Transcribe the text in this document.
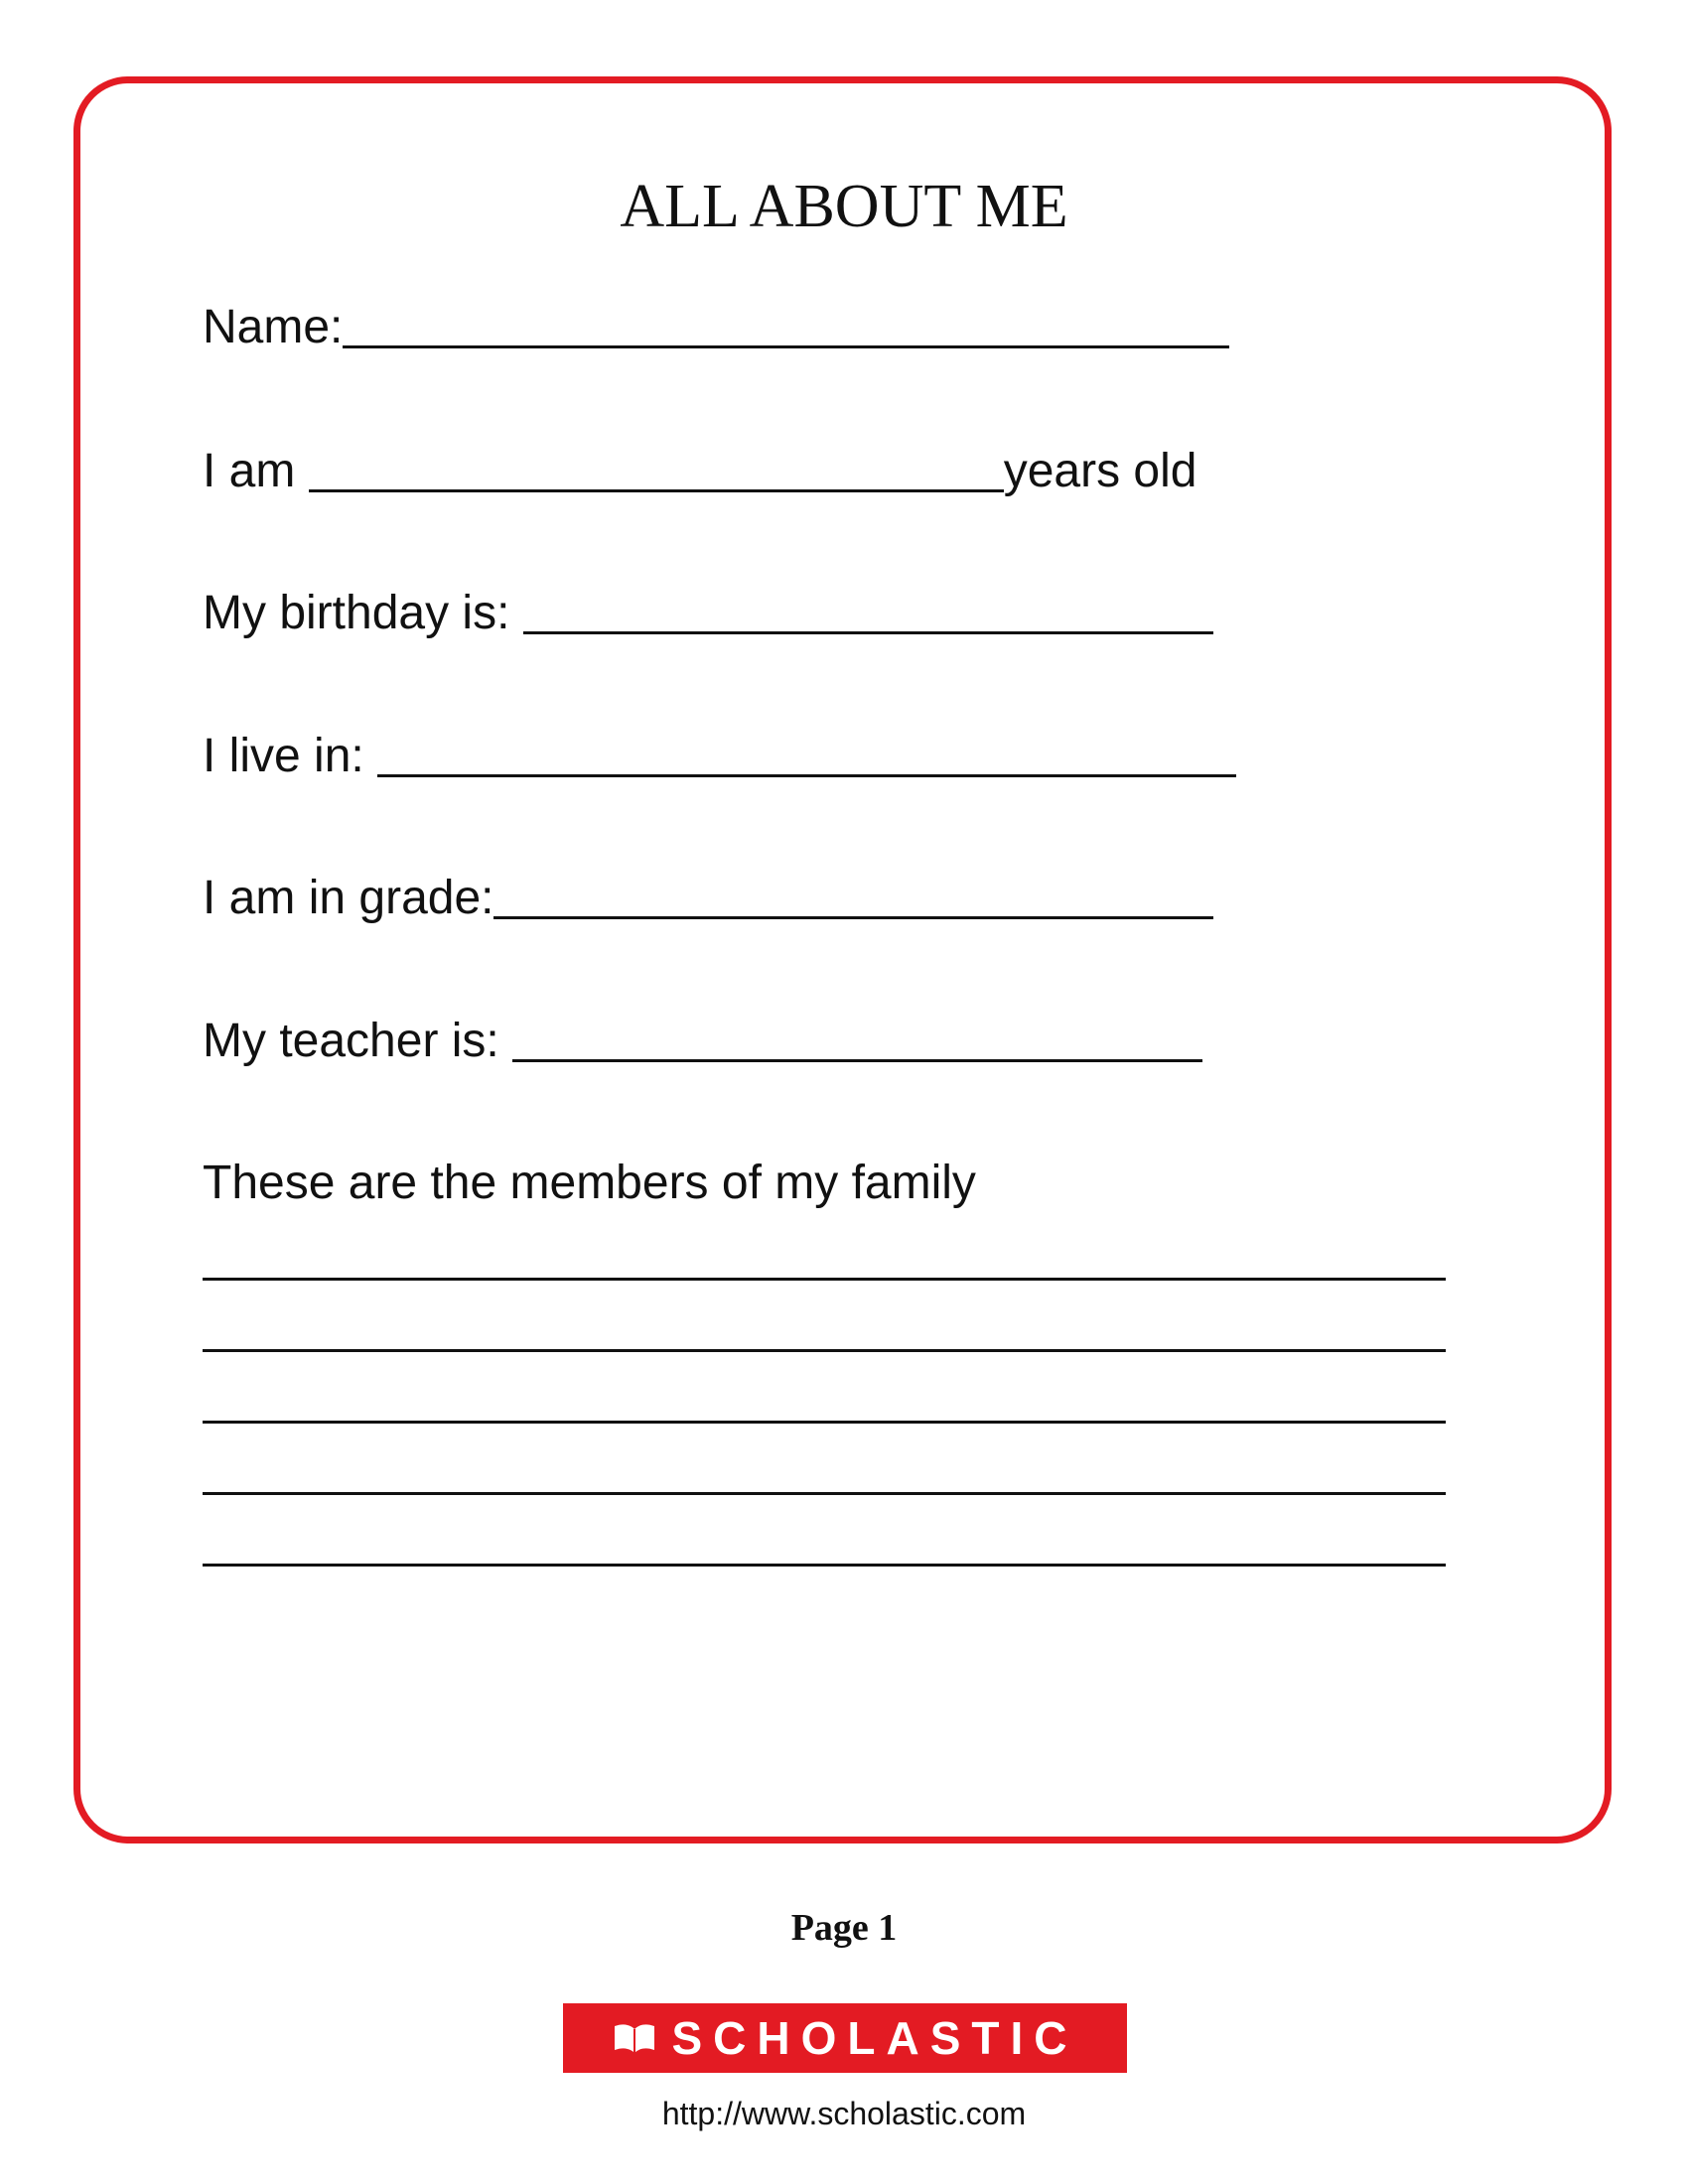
ALL ABOUT ME
Name:
I am	years old
My birthday is:
I live in:
I am in grade:
My teacher is:
These are the members of my family
Page 1
SCHOLASTIC
http://www.scholastic.com
